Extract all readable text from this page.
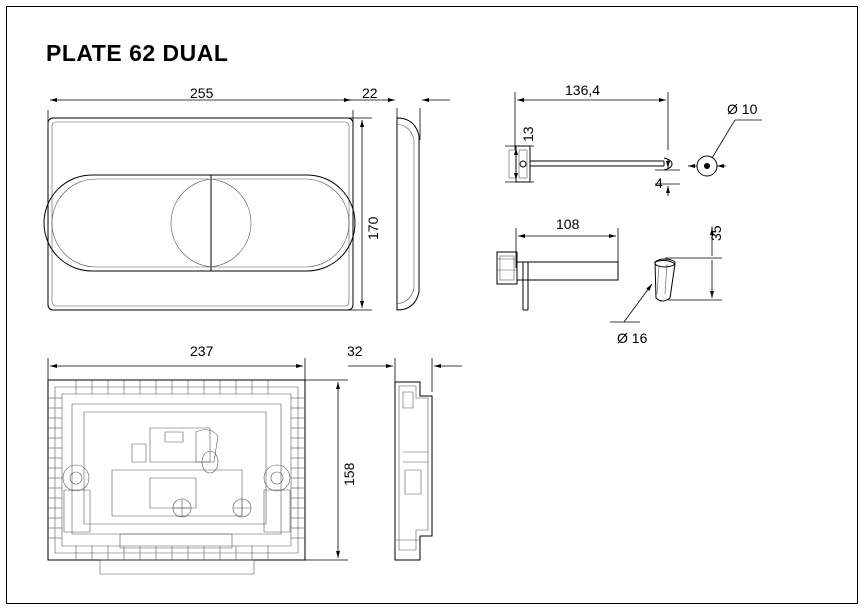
PLATE 62 DUAL
255
170
22	136,4
13
4
Ø 10
108
35
Ø 16
237
158
32
